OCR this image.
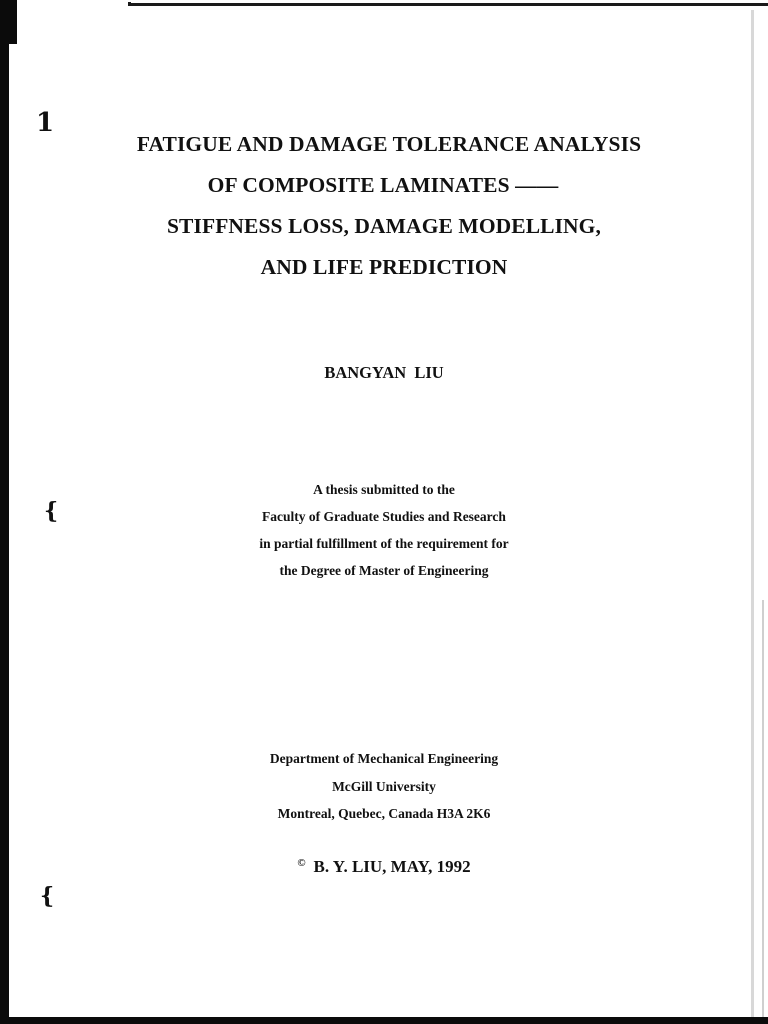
1
{
{
FATIGUE AND DAMAGE TOLERANCE ANALYSIS
OF COMPOSITE LAMINATES ——
STIFFNESS LOSS, DAMAGE MODELLING,
AND LIFE PREDICTION
BANGYAN LIU
A thesis submitted to the
Faculty of Graduate Studies and Research
in partial fulfillment of the requirement for
the Degree of Master of Engineering
Department of Mechanical Engineering
McGill University
Montreal, Quebec, Canada H3A 2K6
© B. Y. LIU, MAY, 1992
